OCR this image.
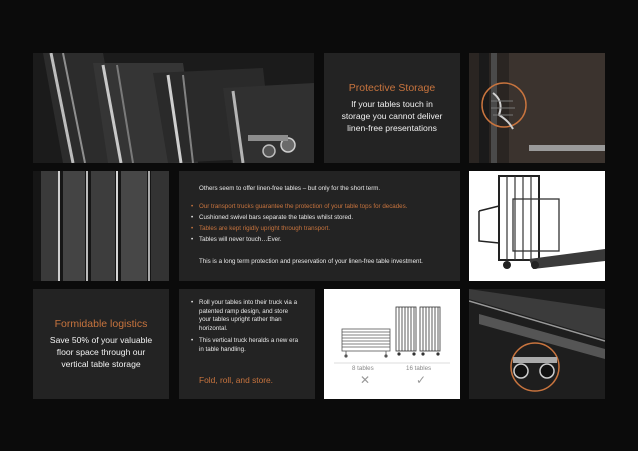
Protective Storage
If your tables touch in storage you cannot deliver linen-free presentations
Others seem to offer linen-free tables – but only for the short term.
• Our transport trucks guarantee the protection of your table tops for decades.
• Cushioned swivel bars separate the tables whilst stored.
• Tables are kept rigidly upright through transport.
• Tables will never touch…Ever.
This is a long term protection and preservation of your linen-free table investment.
Formidable logistics
Save 50% of your valuable floor space through our vertical table storage
• Roll your tables into their truck via a patented ramp design, and store your tables upright rather than horizontal.
• This vertical truck heralds a new era in table handling.
Fold, roll, and store.
8 tables	16 tables
✕	✓
